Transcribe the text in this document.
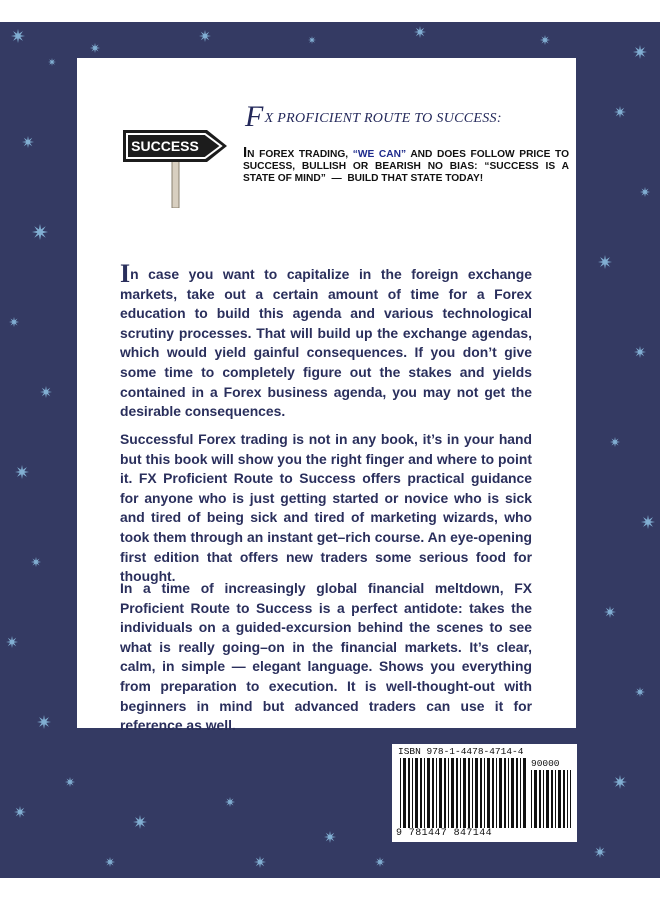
SUCCESS
FX PROFICIENT ROUTE TO SUCCESS:
IN FOREX TRADING, “WE CAN” AND DOES FOLLOW PRICE TO SUCCESS, BULLISH OR BEARISH NO BIAS: “SUCCESS IS A STATE OF MIND”  —  BUILD THAT STATE TODAY!
In case you want to capitalize in the foreign exchange markets, take out a certain amount of time for a Forex education to build this agenda and various technological scrutiny processes. That will build up the exchange agendas, which would yield gainful consequences. If you don’t give some time to completely figure out the stakes and yields contained in a Forex business agenda, you may not get the desirable consequences.
Successful Forex trading is not in any book, it’s in your hand but this book will show you the right finger and where to point it. FX Proficient Route to Success offers practical guidance for anyone who is just getting started or novice who is sick and tired of being sick and tired of marketing wizards, who took them through an instant get–rich course. An eye-opening first edition that offers new traders some serious food for thought.
In a time of increasingly global financial meltdown, FX Proficient Route to Success is a perfect antidote: takes the individuals on a guided-excursion behind the scenes to see what is really going–on in the financial markets. It’s clear, calm, in simple — elegant language. Shows you everything from preparation to execution. It is well-thought-out with beginners in mind but advanced traders can use it for reference as well.
ISBN 978-1-4478-4714-4
90000
9 781447 847144
